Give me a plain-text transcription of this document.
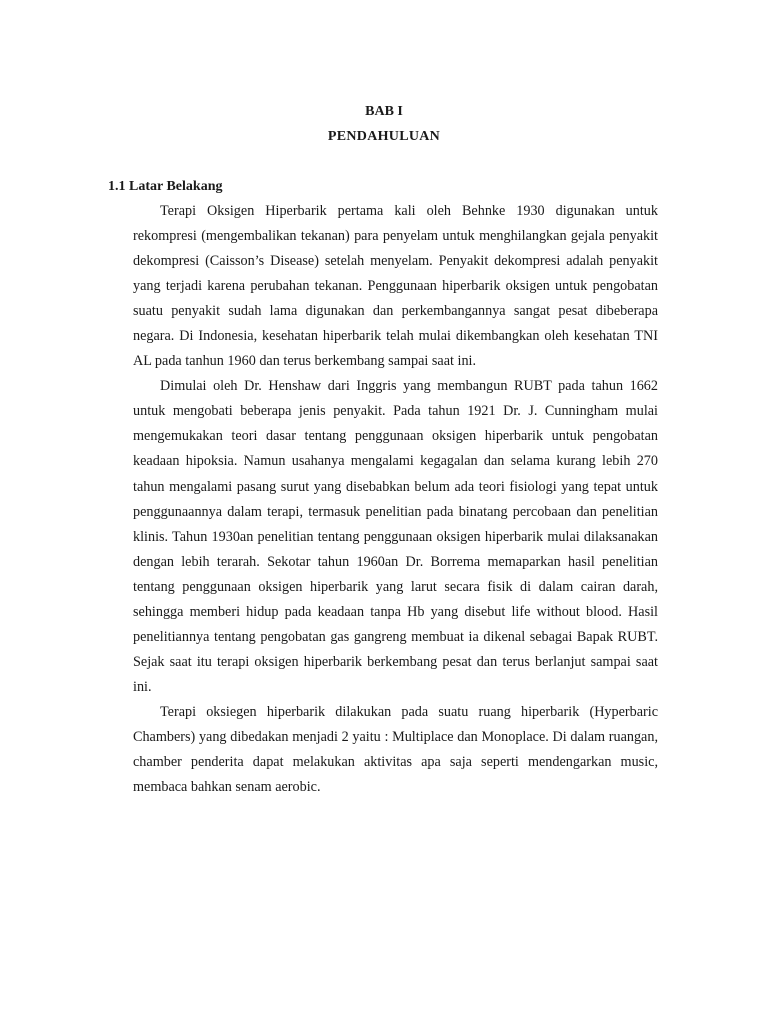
BAB I
PENDAHULUAN
1.1 Latar Belakang

Terapi Oksigen Hiperbarik pertama kali oleh Behnke 1930 digunakan untuk rekompresi (mengembalikan tekanan) para penyelam untuk menghilangkan gejala penyakit dekompresi (Caisson’s Disease) setelah menyelam. Penyakit dekompresi adalah penyakit yang terjadi karena perubahan tekanan. Penggunaan hiperbarik oksigen untuk pengobatan suatu penyakit sudah lama digunakan dan perkembangannya sangat pesat dibeberapa negara. Di Indonesia, kesehatan hiperbarik telah mulai dikembangkan oleh kesehatan TNI AL pada tanhun 1960 dan terus berkembang sampai saat ini.

Dimulai oleh Dr. Henshaw dari Inggris yang membangun RUBT pada tahun 1662 untuk mengobati beberapa jenis penyakit. Pada tahun 1921 Dr. J. Cunningham mulai mengemukakan teori dasar tentang penggunaan oksigen hiperbarik untuk pengobatan keadaan hipoksia. Namun usahanya mengalami kegagalan dan selama kurang lebih 270 tahun mengalami pasang surut yang disebabkan belum ada teori fisiologi yang tepat untuk penggunaannya dalam terapi, termasuk penelitian pada binatang percobaan dan penelitian klinis. Tahun 1930an penelitian tentang penggunaan oksigen hiperbarik mulai dilaksanakan dengan lebih terarah. Sekotar tahun 1960an Dr. Borrema memaparkan hasil penelitian tentang penggunaan oksigen hiperbarik yang larut secara fisik di dalam cairan darah, sehingga memberi hidup pada keadaan tanpa Hb yang disebut life without blood. Hasil penelitiannya tentang pengobatan gas gangreng membuat ia dikenal sebagai Bapak RUBT. Sejak saat itu terapi oksigen hiperbarik berkembang pesat dan terus berlanjut sampai saat ini.

Terapi oksiegen hiperbarik dilakukan pada suatu ruang hiperbarik (Hyperbaric Chambers) yang dibedakan menjadi 2 yaitu : Multiplace dan Monoplace. Di dalam ruangan, chamber penderita dapat melakukan aktivitas apa saja seperti mendengarkan music, membaca bahkan senam aerobic.
